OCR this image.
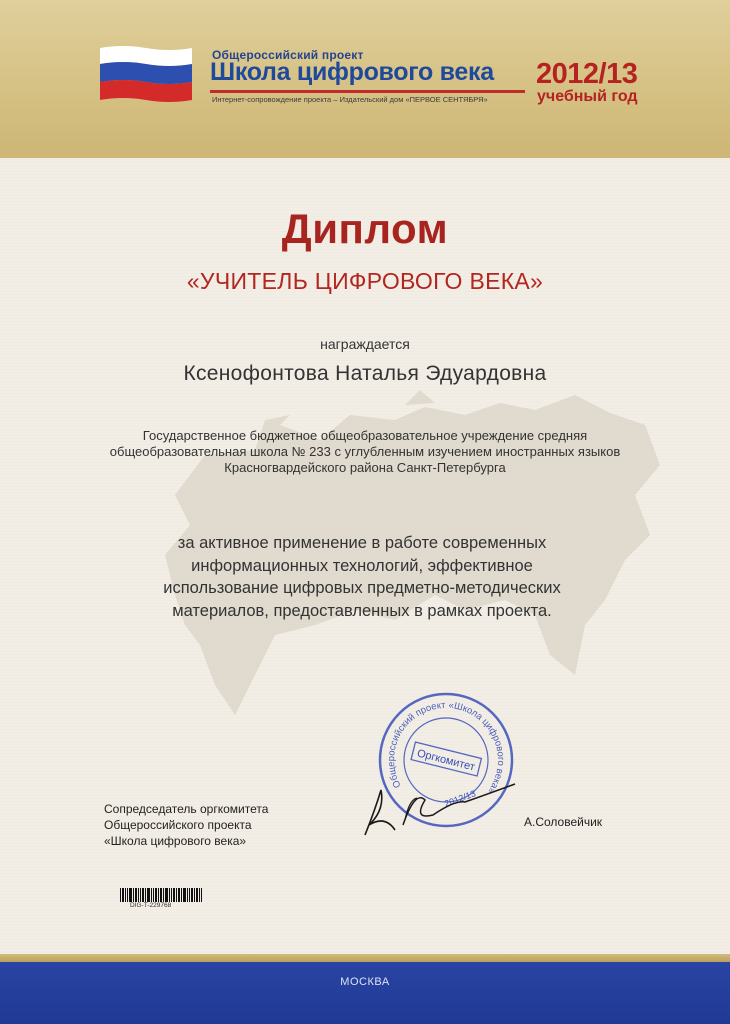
Общероссийский проект
Школа цифрового века
Интернет-сопровождение проекта – Издательский дом «ПЕРВОЕ СЕНТЯБРЯ»
2012/13
учебный год
Диплом
«УЧИТЕЛЬ ЦИФРОВОГО ВЕКА»
награждается
Ксенофонтова Наталья Эдуардовна
Государственное бюджетное общеобразовательное учреждение средняя
общеобразовательная школа № 233 с углубленным изучением иностранных языков
Красногвардейского района Санкт-Петербурга
за активное применение в работе современных
информационных технологий, эффективное
использование цифровых предметно-методических
материалов, предоставленных в рамках проекта.
Сопредседатель оргкомитета
Общероссийского проекта
«Школа цифрового века»
Общероссийский проект «Школа цифрового века»
2012/13
Оргкомитет
А.Соловейчик
DIG-T-229768
МОСКВА
